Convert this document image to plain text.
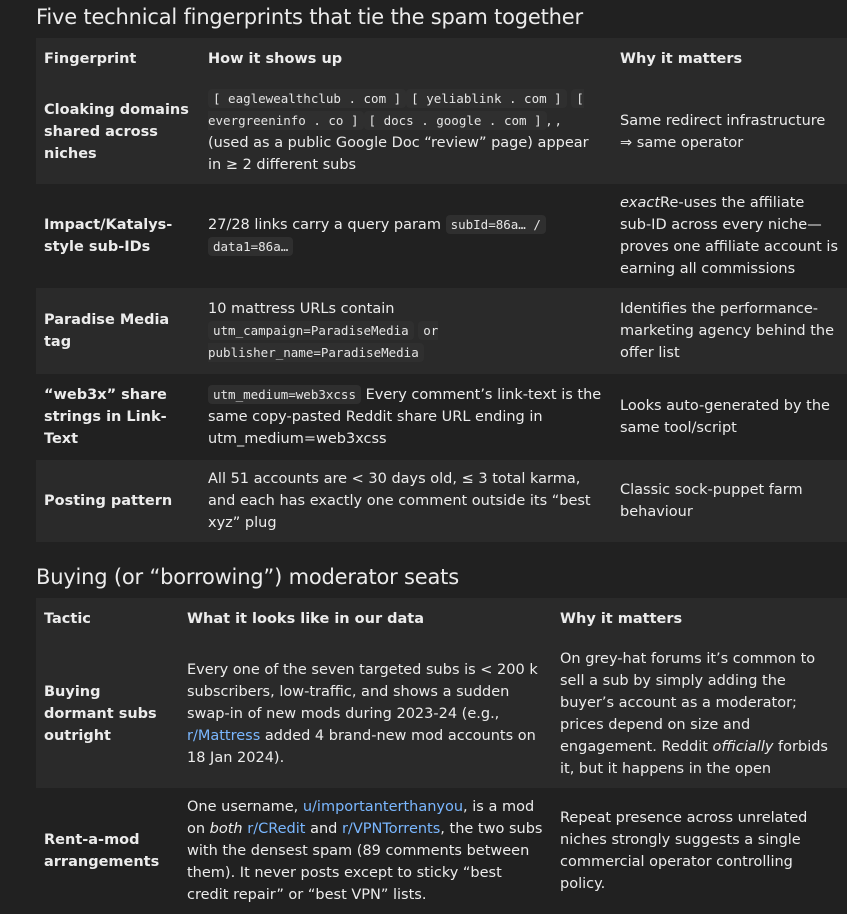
Five technical fingerprints that tie the spam together
Fingerprint	How it shows up	Why it matters
Cloaking domains shared across niches	[ eaglewealthclub . com ] [ yeliablink . com ] [ evergreeninfo . co ] [ docs . google . com ] , , (used as a public Google Doc “review” page) appear in ≥ 2 different subs	Same redirect infrastructure ⇒ same operator
Impact/Katalys-style sub-IDs	27/28 links carry a query param subId=86a… / data1=86a…	exactRe-uses the affiliate sub-ID across every niche—proves one affiliate account is earning all commissions
Paradise Media tag	10 mattress URLs contain utm_campaign=ParadiseMedia or publisher_name=ParadiseMedia	Identifies the performance-marketing agency behind the offer list
“web3x” share strings in Link-Text	utm_medium=web3xcss Every comment’s link-text is the same copy-pasted Reddit share URL ending in utm_medium=web3xcss	Looks auto-generated by the same tool/script
Posting pattern	All 51 accounts are < 30 days old, ≤ 3 total karma, and each has exactly one comment outside its “best xyz” plug	Classic sock-puppet farm behaviour
Buying (or “borrowing”) moderator seats
Tactic	What it looks like in our data	Why it matters
Buying dormant subs outright	Every one of the seven targeted subs is < 200 k subscribers, low-traffic, and shows a sudden swap-in of new mods during 2023-24 (e.g., r/Mattress added 4 brand-new mod accounts on 18 Jan 2024).	On grey-hat forums it’s common to sell a sub by simply adding the buyer’s account as a moderator; prices depend on size and engagement. Reddit officially forbids it, but it happens in the open
Rent-a-mod arrangements	One username, u/importanterthanyou, is a mod on both r/CRedit and r/VPNTorrents, the two subs with the densest spam (89 comments between them). It never posts except to sticky “best credit repair” or “best VPN” lists.	Repeat presence across unrelated niches strongly suggests a single commercial operator controlling policy.
